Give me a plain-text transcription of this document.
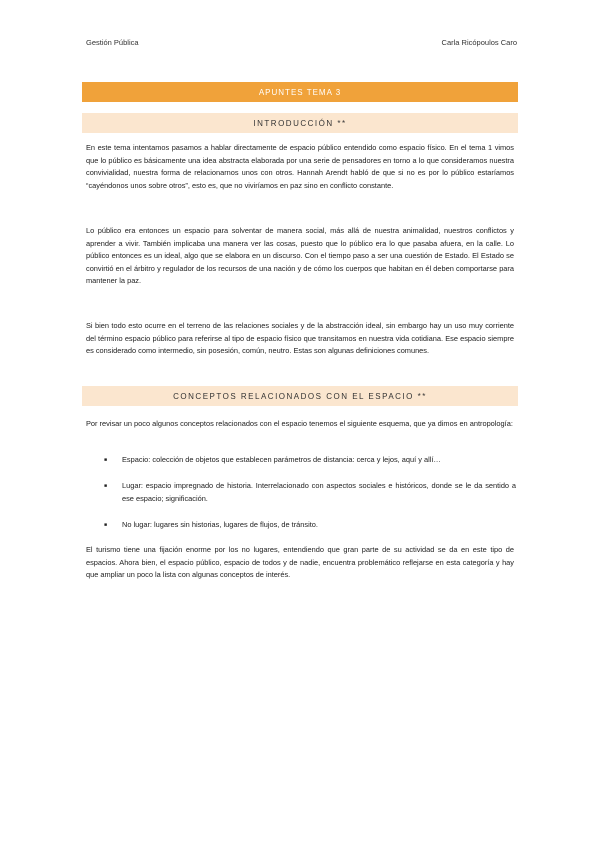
Gestión Pública	Carla Ricópoulos Caro
APUNTES TEMA 3
INTRODUCCIÓN **

En este tema intentamos pasamos a hablar directamente de espacio público entendido como espacio físico. En el tema 1 vimos que lo público es básicamente una idea abstracta elaborada por una serie de pensadores en torno a lo que consideramos nuestra convivialidad, nuestra forma de relacionarnos unos con otros. Hannah Arendt habló de que si no es por lo público estaríamos “cayéndonos unos sobre otros”, esto es, que no viviríamos en paz sino en conflicto constante.

Lo público era entonces un espacio para solventar de manera social, más allá de nuestra animalidad, nuestros conflictos y aprender a vivir. También implicaba una manera ver las cosas, puesto que lo público era lo que pasaba afuera, en la calle. Lo público entonces es un ideal, algo que se elabora en un discurso. Con el tiempo paso a ser una cuestión de Estado. El Estado se convirtió en el árbitro y regulador de los recursos de una nación y de cómo los cuerpos que habitan en él deben comportarse para mantener la paz.

Si bien todo esto ocurre en el terreno de las relaciones sociales y de la abstracción ideal, sin embargo hay un uso muy corriente del término espacio público para referirse al tipo de espacio físico que transitamos en nuestra vida cotidiana. Ese espacio siempre es considerado como intermedio, sin posesión, común, neutro. Estas son algunas definiciones comunes.

CONCEPTOS RELACIONADOS CON EL ESPACIO **

Por revisar un poco algunos conceptos relacionados con el espacio tenemos el siguiente esquema, que ya dimos en antropología:

■	Espacio: colección de objetos que establecen parámetros de distancia: cerca y lejos, aquí y allí…
■	Lugar: espacio impregnado de historia. Interrelacionado con aspectos sociales e históricos, donde se le da sentido a ese espacio; significación.
■	No lugar: lugares sin historias, lugares de flujos, de tránsito.

El turismo tiene una fijación enorme por los no lugares, entendiendo que gran parte de su actividad se da en este tipo de espacios. Ahora bien, el espacio público, espacio de todos y de nadie, encuentra problemático reflejarse en esta categoría y hay que ampliar un poco la lista con algunas conceptos de interés.
